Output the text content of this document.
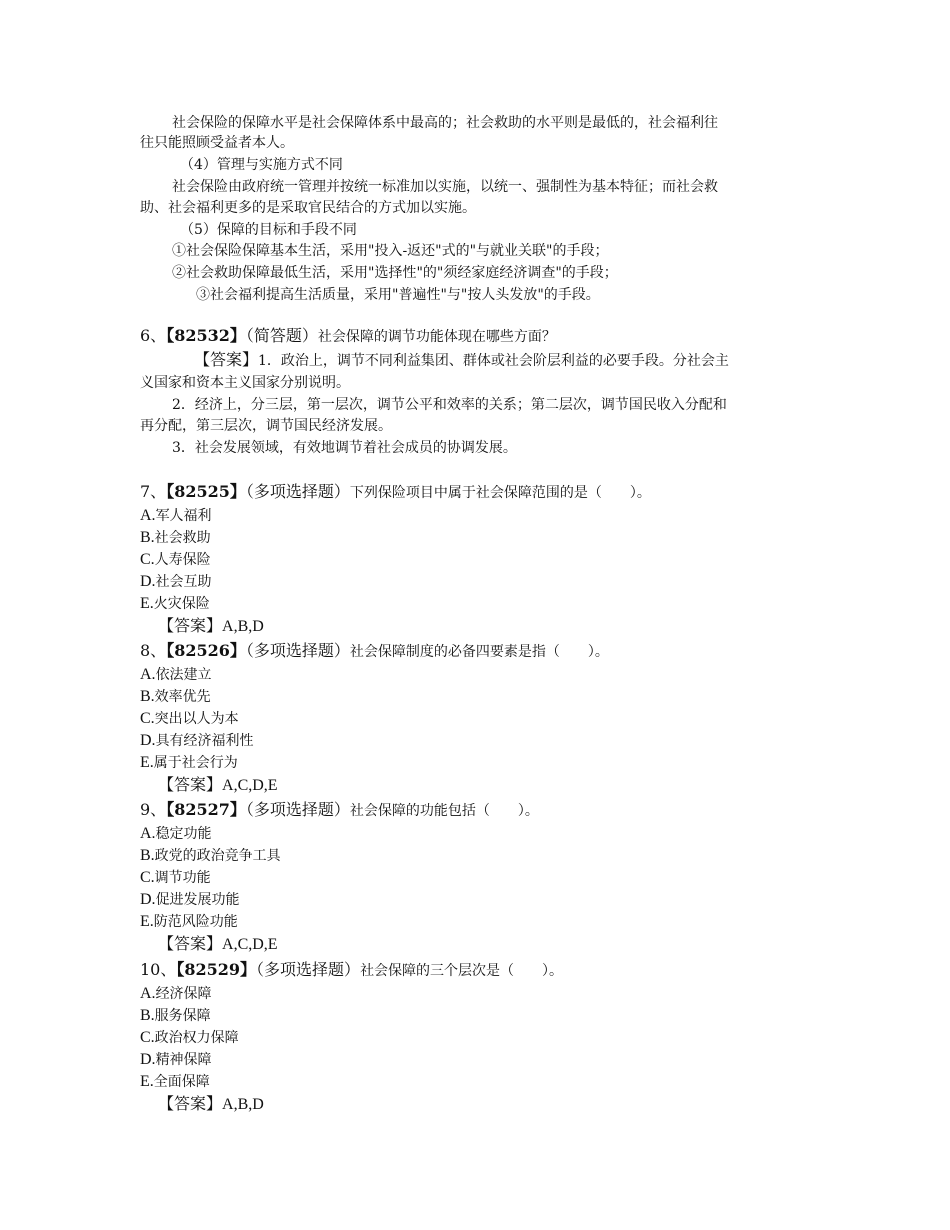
社会保险的保障水平是社会保障体系中最高的；社会救助的水平则是最低的，社会福利往
往只能照顾受益者本人。
（4）管理与实施方式不同
社会保险由政府统一管理并按统一标准加以实施，以统一、强制性为基本特征；而社会救
助、社会福利更多的是采取官民结合的方式加以实施。
（5）保障的目标和手段不同
①社会保险保障基本生活，采用"投入-返还"式的"与就业关联"的手段；
②社会救助保障最低生活，采用"选择性"的"须经家庭经济调查"的手段；
③社会福利提高生活质量，采用"普遍性"与"按人头发放"的手段。
6、【82532】（简答题）社会保障的调节功能体现在哪些方面？
【答案】1．政治上，调节不同利益集团、群体或社会阶层利益的必要手段。分社会主
义国家和资本主义国家分别说明。
2．经济上，分三层，第一层次，调节公平和效率的关系；第二层次，调节国民收入分配和
再分配，第三层次，调节国民经济发展。
3．社会发展领域，有效地调节着社会成员的协调发展。
7、【82525】（多项选择题）下列保险项目中属于社会保障范围的是（　　）。
A.军人福利
B.社会救助
C.人寿保险
D.社会互助
E.火灾保险
【答案】A,B,D
8、【82526】（多项选择题）社会保障制度的必备四要素是指（　　）。
A.依法建立
B.效率优先
C.突出以人为本
D.具有经济福利性
E.属于社会行为
【答案】A,C,D,E
9、【82527】（多项选择题）社会保障的功能包括（　　）。
A.稳定功能
B.政党的政治竞争工具
C.调节功能
D.促进发展功能
E.防范风险功能
【答案】A,C,D,E
10、【82529】（多项选择题）社会保障的三个层次是（　　）。
A.经济保障
B.服务保障
C.政治权力保障
D.精神保障
E.全面保障
【答案】A,B,D
